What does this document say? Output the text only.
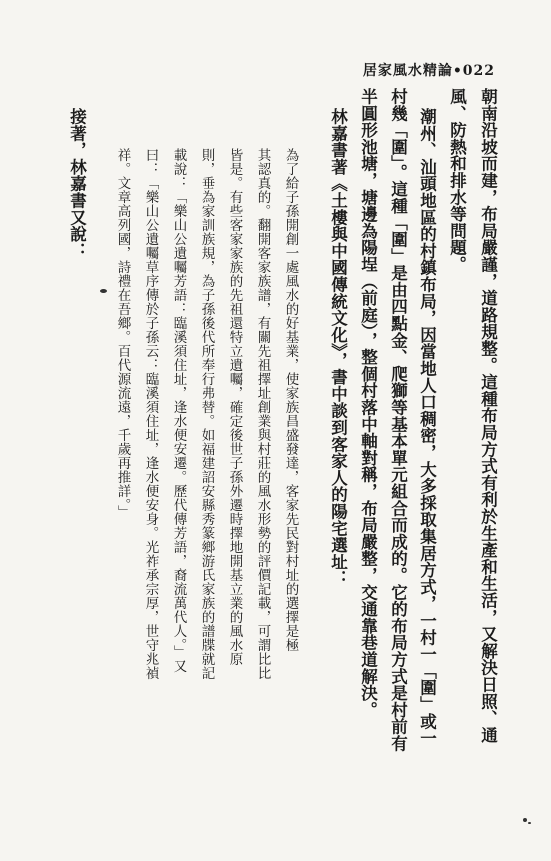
居家風水精論•022
朝南沿坡而建，布局嚴謹，道路規整。這種布局方式有利於生產和生活，又解決日照、通
風、防熱和排水等問題。
潮州、汕頭地區的村鎮布局，因當地人口稠密，大多採取集居方式，一村一「圍」或一
村幾「圍」。這種「圍」是由四點金、爬獅等基本單元組合而成的。它的布局方式是村前有
半圓形池塘，塘邊為陽埕（前庭），整個村落中軸對稱，布局嚴整，交通靠巷道解決。
林嘉書著《土樓與中國傳統文化》，書中談到客家人的陽宅選址：
為了給子孫開創一處風水的好基業，使家族昌盛發達，客家先民對村址的選擇是極
其認真的。翻開客家族譜，有關先祖擇址創業與村莊的風水形勢的評價記載，可謂比比
皆是。有些客家家族的先祖還特立遺囑，確定後世子孫外遷時擇地開基立業的風水原
則，垂為家訓族規，為子孫後代所奉行弗替。如福建詔安縣秀篆鄉游氏家族的譜牒就記
載說：「樂山公遺囑芳語：臨溪須住址，逢水便安遷。歷代傳芳語，裔流萬代人。」又
曰：「樂山公遺囑草序傳於子孫云：臨溪須住址，逢水便安身。光祚承宗厚，世守兆禎
祥。文章高列國，詩禮在吾鄉。百代源流遠，千歲再推詳。」
接著，林嘉書又說：
